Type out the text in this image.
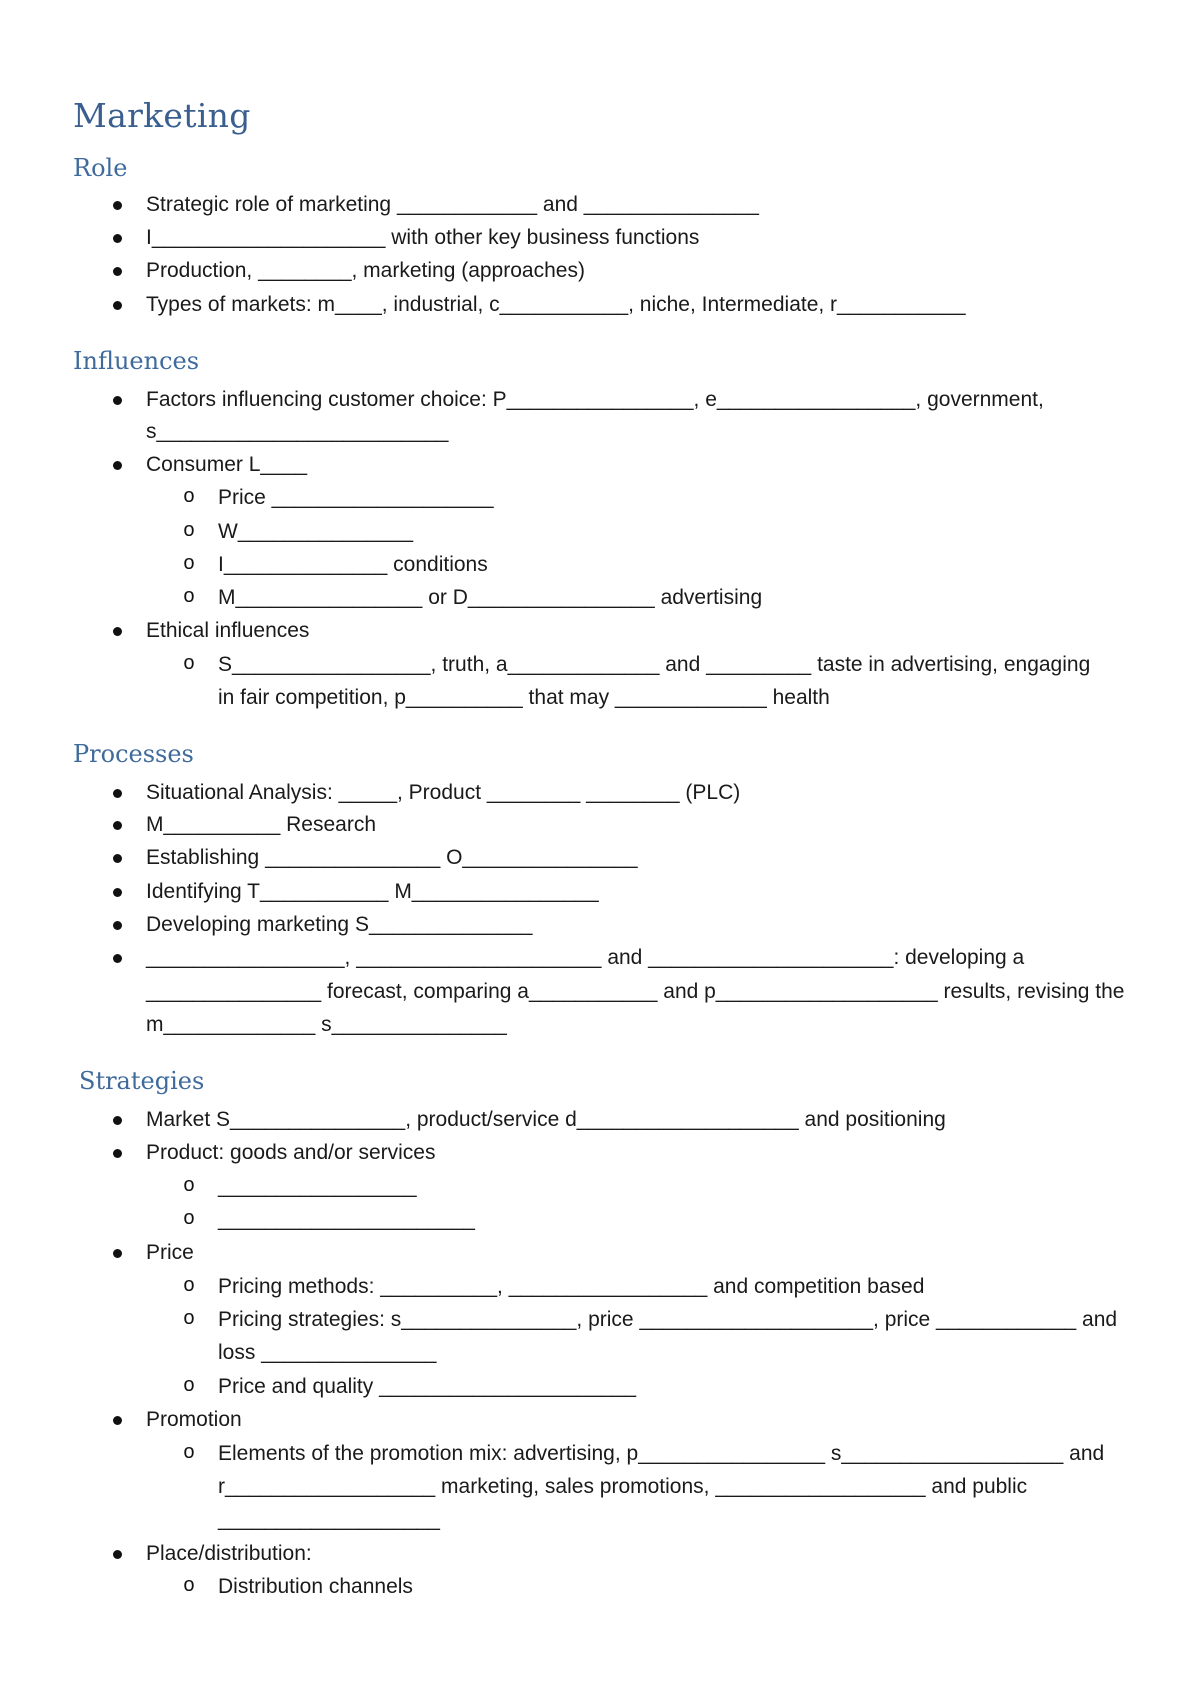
Marketing
Role
Strategic role of marketing ____________ and _______________
I____________________ with other key business functions
Production, ________, marketing (approaches)
Types of markets: m____, industrial, c___________, niche, Intermediate, r___________
Influences
Factors influencing customer choice: P________________, e_________________, government,
s_________________________
Consumer L____
o Price ___________________
o W_______________
o I______________ conditions
o M________________ or D________________ advertising
Ethical influences
o S_________________, truth, a_____________ and _________ taste in advertising, engaging
in fair competition, p__________ that may _____________ health
Processes
Situational Analysis: _____, Product ________ ________ (PLC)
M__________ Research
Establishing _______________ O_______________
Identifying T___________ M________________
Developing marketing S______________
_________________, _____________________ and _____________________: developing a
_______________ forecast, comparing a___________ and p___________________ results, revising the
m_____________ s_______________
Strategies
Market S_______________, product/service d___________________ and positioning
Product: goods and/or services
o _________________
o ______________________
Price
o Pricing methods: __________, _________________ and competition based
o Pricing strategies: s_______________, price ____________________, price ____________ and
loss _______________
o Price and quality ______________________
Promotion
o Elements of the promotion mix: advertising, p________________ s___________________ and
r__________________ marketing, sales promotions, __________________ and public
___________________
Place/distribution:
o Distribution channels
